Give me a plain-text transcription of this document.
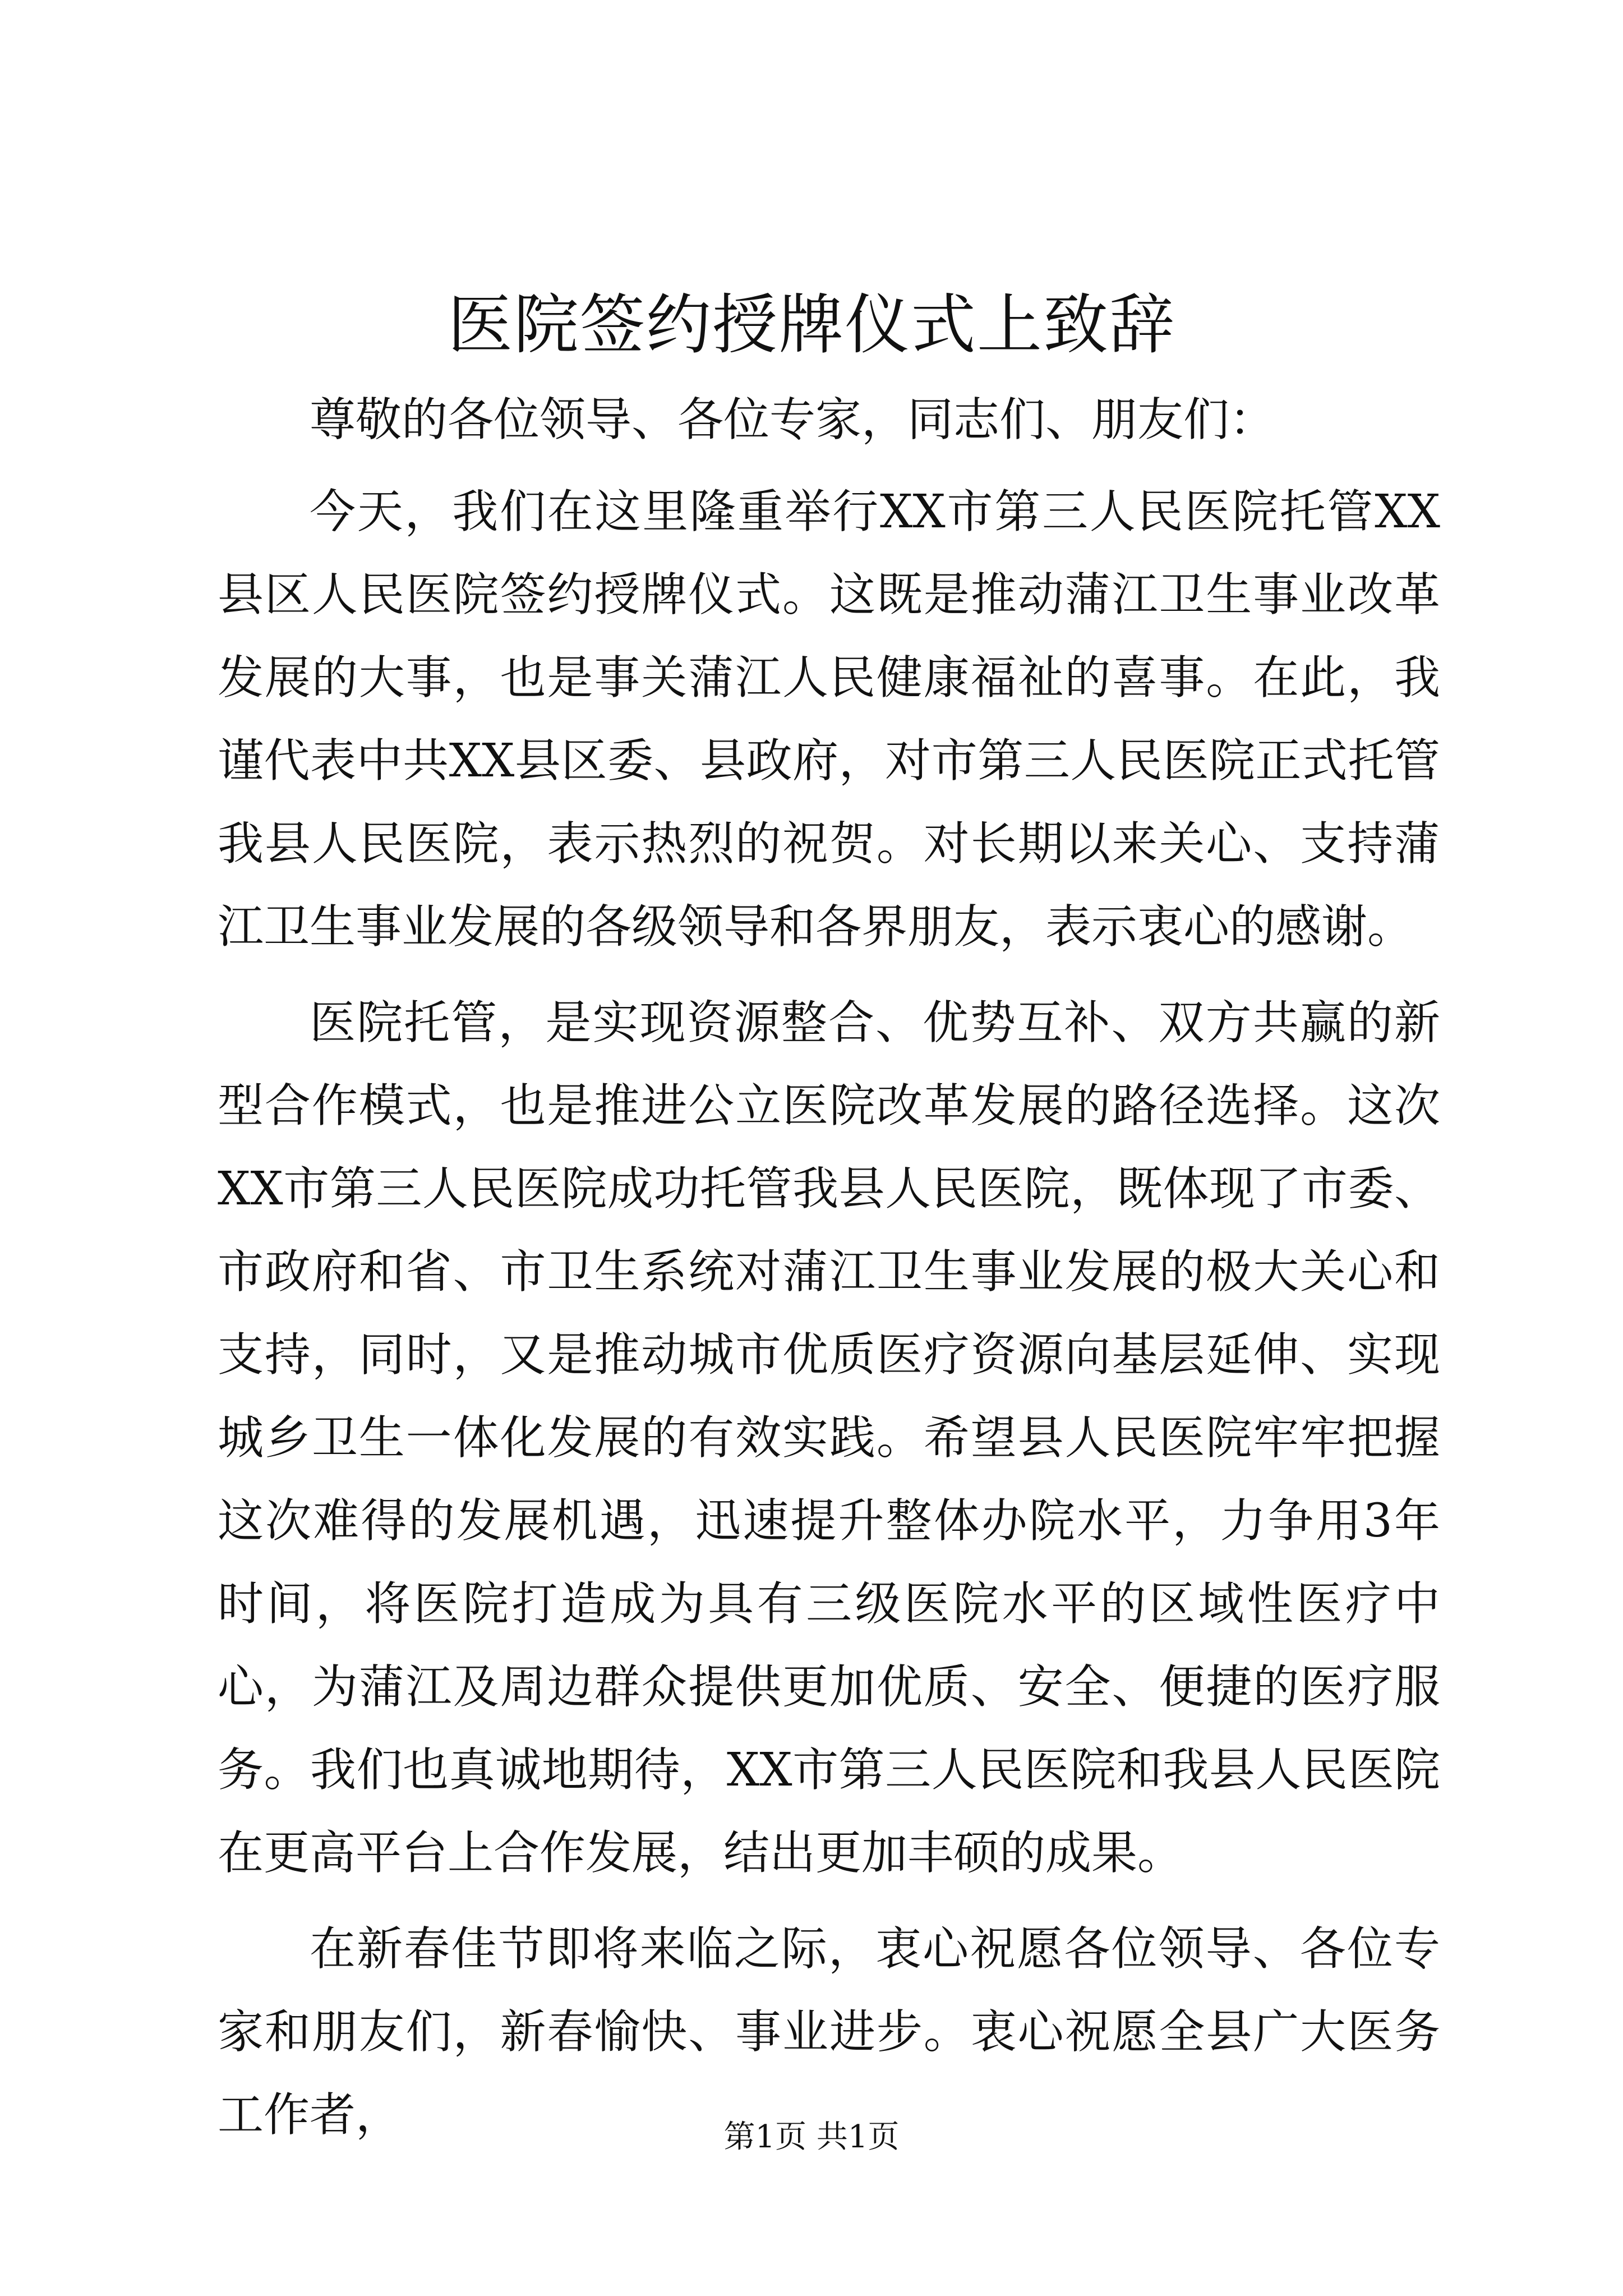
医院签约授牌仪式上致辞

尊敬的各位领导、各位专家，同志们、朋友们：

今天，我们在这里隆重举行XX市第三人民医院托管XX县区人民医院签约授牌仪式。这既是推动蒲江卫生事业改革发展的大事，也是事关蒲江人民健康福祉的喜事。在此，我谨代表中共XX县区委、县政府，对市第三人民医院正式托管我县人民医院，表示热烈的祝贺。对长期以来关心、支持蒲江卫生事业发展的各级领导和各界朋友，表示衷心的感谢。

医院托管，是实现资源整合、优势互补、双方共赢的新型合作模式，也是推进公立医院改革发展的路径选择。这次XX市第三人民医院成功托管我县人民医院，既体现了市委、市政府和省、市卫生系统对蒲江卫生事业发展的极大关心和支持，同时，又是推动城市优质医疗资源向基层延伸、实现城乡卫生一体化发展的有效实践。希望县人民医院牢牢把握这次难得的发展机遇，迅速提升整体办院水平，力争用3年时间，将医院打造成为具有三级医院水平的区域性医疗中心，为蒲江及周边群众提供更加优质、安全、便捷的医疗服务。我们也真诚地期待，XX市第三人民医院和我县人民医院在更高平台上合作发展，结出更加丰硕的成果。

在新春佳节即将来临之际，衷心祝愿各位领导、各位专家和朋友们，新春愉快、事业进步。衷心祝愿全县广大医务工作者，	第1页 共1页
